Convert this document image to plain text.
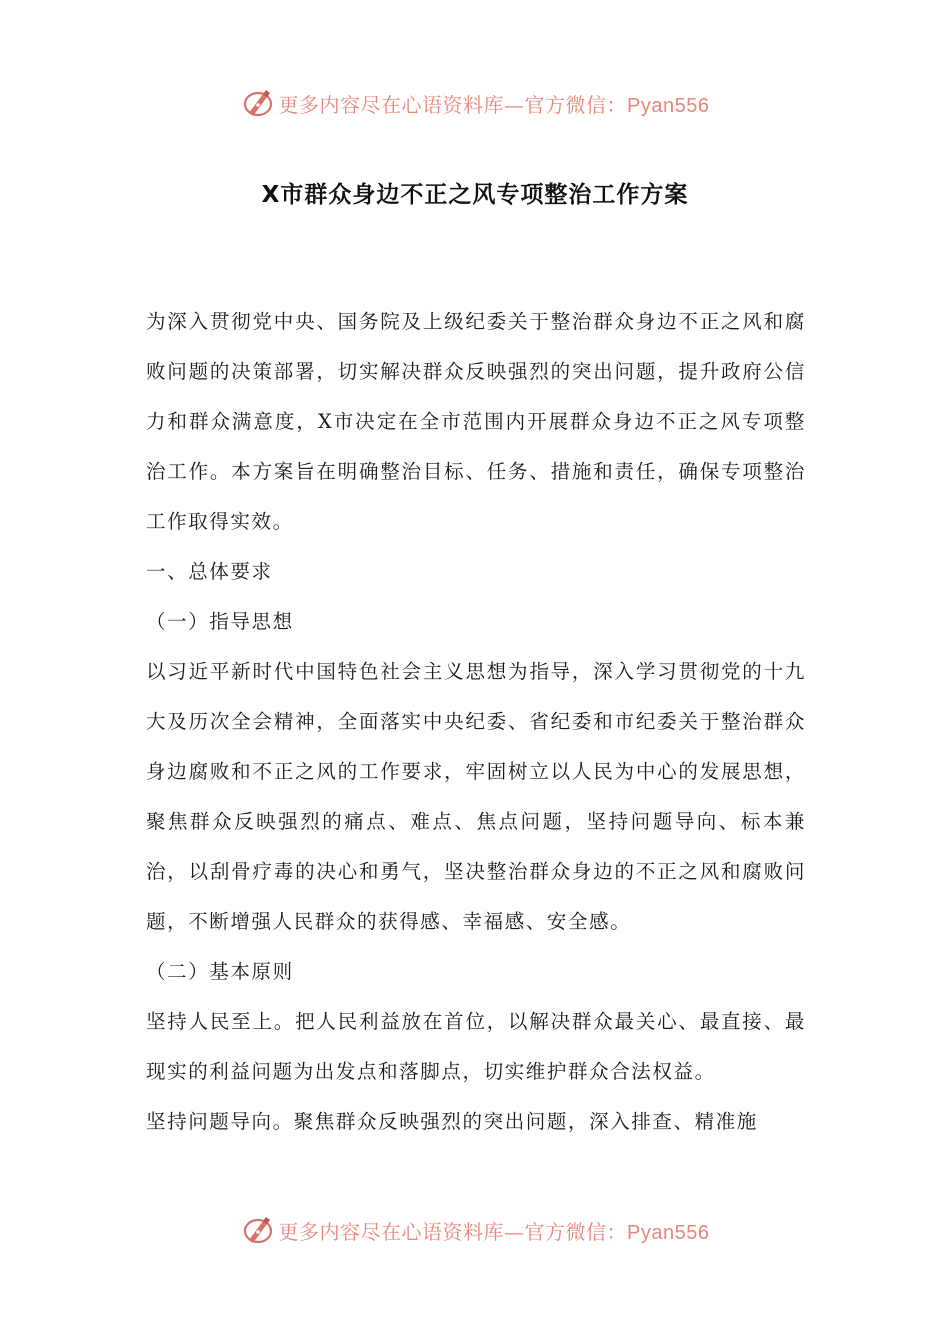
更多内容尽在心语资料库—官方微信：Pyan556
X市群众身边不正之风专项整治工作方案

为深入贯彻党中央、国务院及上级纪委关于整治群众身边不正之风和腐败问题的决策部署，切实解决群众反映强烈的突出问题，提升政府公信力和群众满意度，X市决定在全市范围内开展群众身边不正之风专项整治工作。本方案旨在明确整治目标、任务、措施和责任，确保专项整治工作取得实效。

一、总体要求

（一）指导思想

以习近平新时代中国特色社会主义思想为指导，深入学习贯彻党的十九大及历次全会精神，全面落实中央纪委、省纪委和市纪委关于整治群众身边腐败和不正之风的工作要求，牢固树立以人民为中心的发展思想，聚焦群众反映强烈的痛点、难点、焦点问题，坚持问题导向、标本兼治，以刮骨疗毒的决心和勇气，坚决整治群众身边的不正之风和腐败问题，不断增强人民群众的获得感、幸福感、安全感。

（二）基本原则

坚持人民至上。把人民利益放在首位，以解决群众最关心、最直接、最现实的利益问题为出发点和落脚点，切实维护群众合法权益。

坚持问题导向。聚焦群众反映强烈的突出问题，深入排查、精准施

更多内容尽在心语资料库—官方微信：Pyan556
